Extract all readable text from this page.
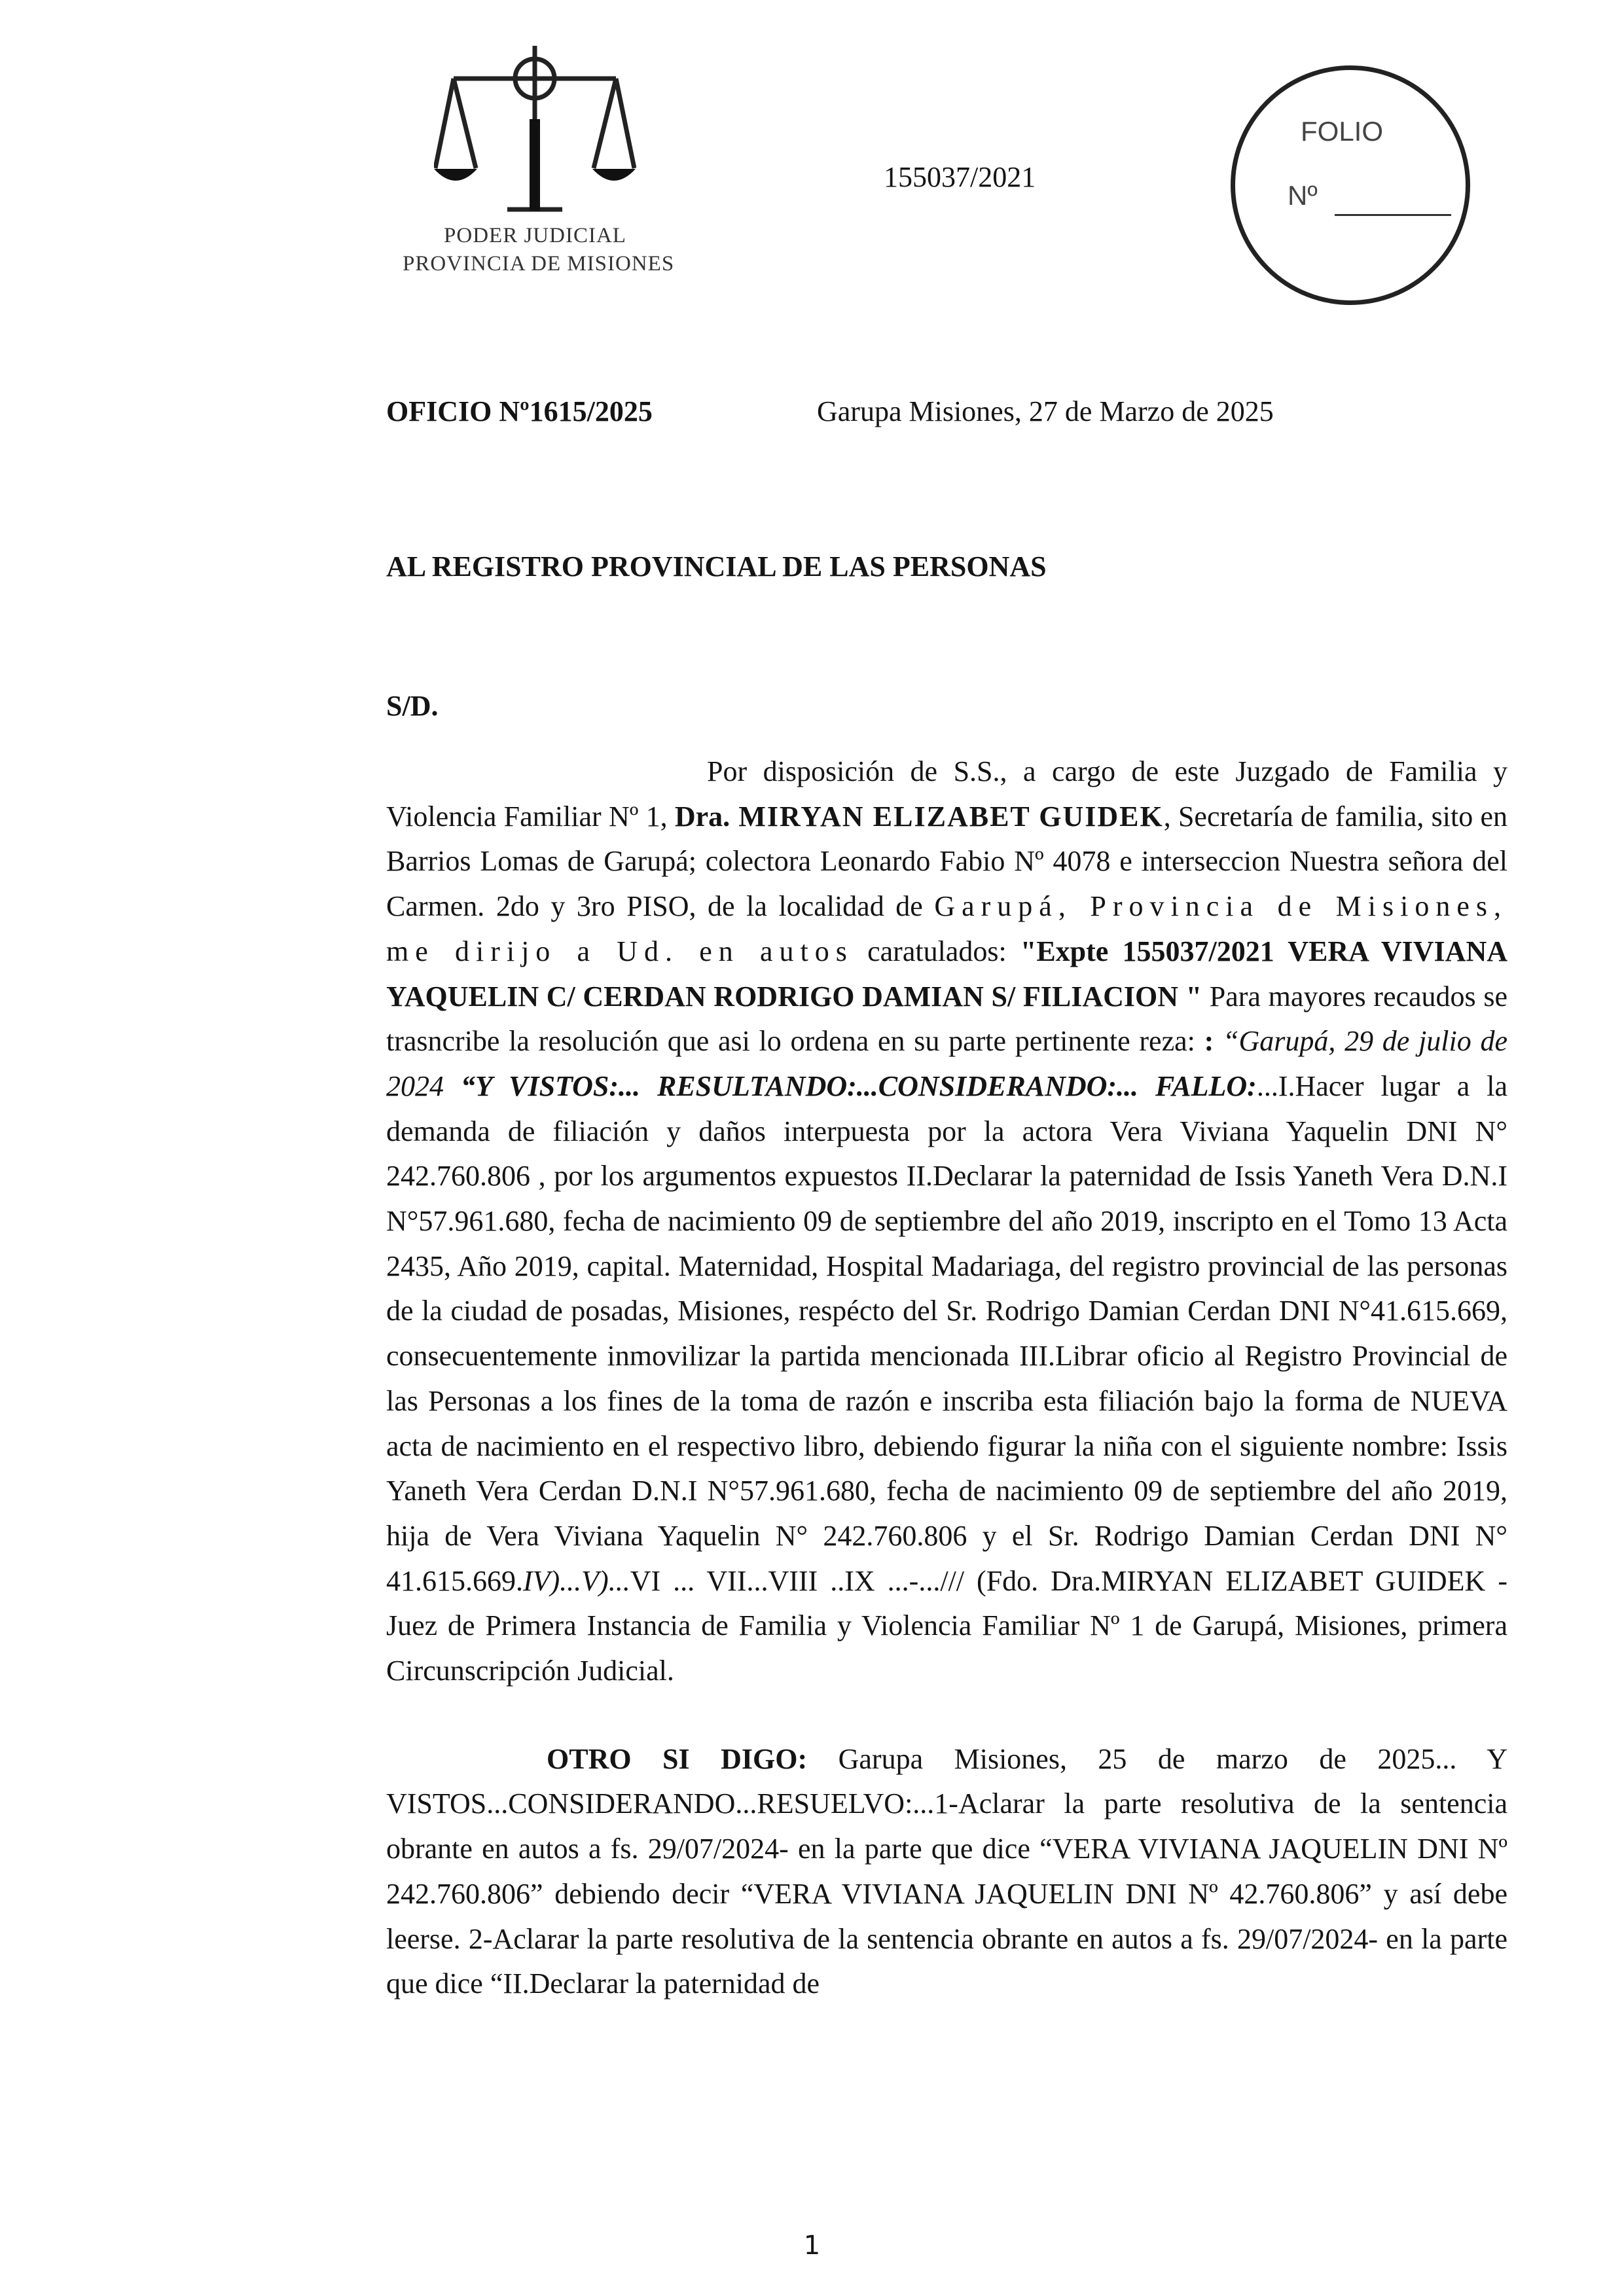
PODER JUDICIAL
PROVINCIA DE MISIONES
155037/2021
FOLIO
Nº
OFICIO Nº1615/2025	Garupa Misiones, 27 de Marzo de 2025
AL REGISTRO PROVINCIAL DE LAS PERSONAS
S/D.

Por disposición de S.S., a cargo de este Juzgado de Familia y Violencia Familiar Nº 1, Dra. MIRYAN ELIZABET GUIDEK, Secretaría de familia, sito en Barrios Lomas de Garupá; colectora Leonardo Fabio Nº 4078 e interseccion Nuestra señora del Carmen. 2do y 3ro PISO, de la localidad de Garupá, Provincia de Misiones, me dirijo a Ud. en autos caratulados: "Expte 155037/2021 VERA VIVIANA YAQUELIN C/ CERDAN RODRIGO DAMIAN S/ FILIACION " Para mayores recaudos se trasncribe la resolución que asi lo ordena en su parte pertinente reza: : “Garupá, 29 de julio de 2024 “Y VISTOS:... RESULTANDO:...CONSIDERANDO:... FALLO:...I.Hacer lugar a la demanda de filiación y daños interpuesta por la actora Vera Viviana Yaquelin DNI N° 242.760.806 , por los argumentos expuestos II.Declarar la paternidad de Issis Yaneth Vera D.N.I N°57.961.680, fecha de nacimiento 09 de septiembre del año 2019, inscripto en el Tomo 13 Acta 2435, Año 2019, capital. Maternidad, Hospital Madariaga, del registro provincial de las personas de la ciudad de posadas, Misiones, respécto del Sr. Rodrigo Damian Cerdan DNI N°41.615.669, consecuentemente inmovilizar la partida mencionada III.Librar oficio al Registro Provincial de las Personas a los fines de la toma de razón e inscriba esta filiación bajo la forma de NUEVA acta de nacimiento en el respectivo libro, debiendo figurar la niña con el siguiente nombre: Issis Yaneth Vera Cerdan D.N.I N°57.961.680, fecha de nacimiento 09 de septiembre del año 2019, hija de Vera Viviana Yaquelin N° 242.760.806 y el Sr. Rodrigo Damian Cerdan DNI N° 41.615.669.IV)...V)...VI ... VII...VIII ..IX ...-.../// (Fdo. Dra.MIRYAN ELIZABET GUIDEK -Juez de Primera Instancia de Familia y Violencia Familiar Nº 1 de Garupá, Misiones, primera Circunscripción Judicial.

OTRO SI DIGO: Garupa Misiones, 25 de marzo de 2025... Y VISTOS...CONSIDERANDO...RESUELVO:...1-Aclarar la parte resolutiva de la sentencia obrante en autos a fs. 29/07/2024- en la parte que dice “VERA VIVIANA JAQUELIN DNI Nº 242.760.806” debiendo decir “VERA VIVIANA JAQUELIN DNI Nº 42.760.806” y así debe leerse. 2-Aclarar la parte resolutiva de la sentencia obrante en autos a fs. 29/07/2024- en la parte que dice “II.Declarar la paternidad de

1
